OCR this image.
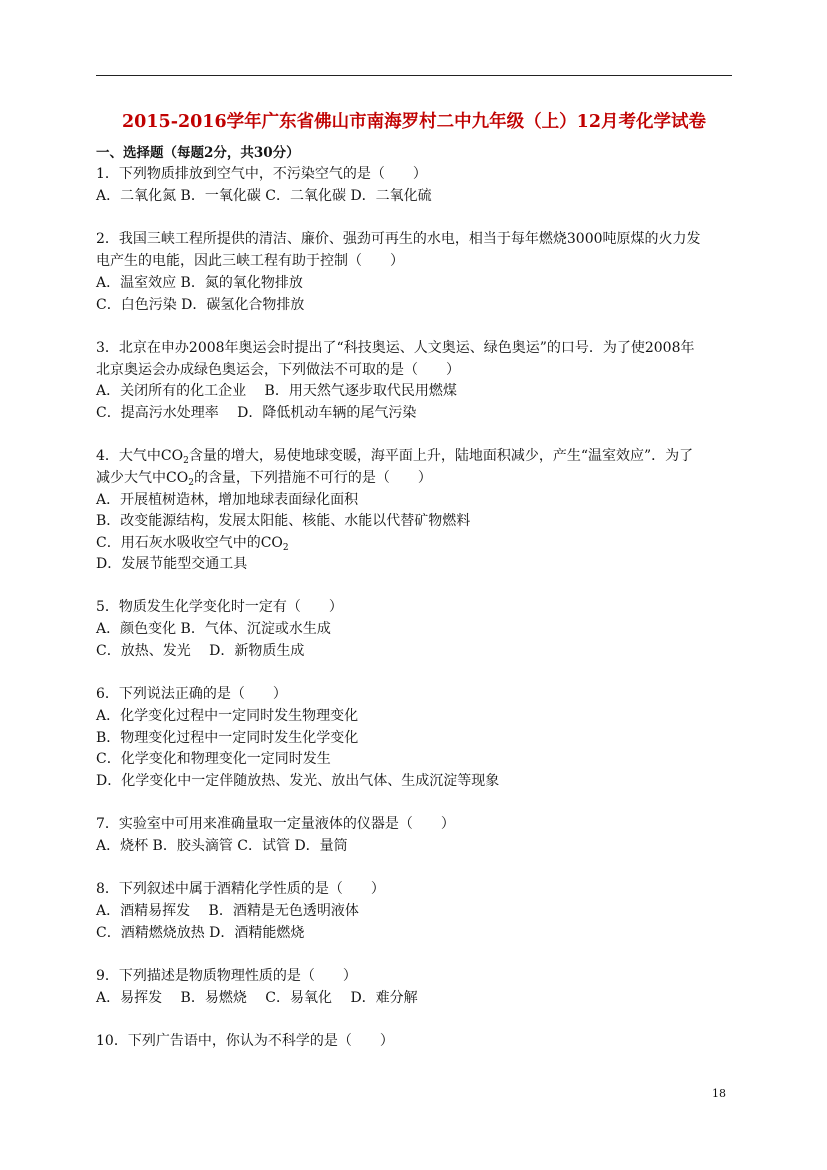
2015-2016学年广东省佛山市南海罗村二中九年级（上）12月考化学试卷
一、选择题（每题2分，共30分）
1．下列物质排放到空气中，不污染空气的是（　　）
A．二氧化氮 B．一氧化碳 C．二氧化碳 D．二氧化硫
2．我国三峡工程所提供的清洁、廉价、强劲可再生的水电，相当于每年燃烧3000吨原煤的火力发
电产生的电能，因此三峡工程有助于控制（　　）
A．温室效应 B．氮的氧化物排放
C．白色污染 D．碳氢化合物排放
3．北京在申办2008年奥运会时提出了“科技奥运、人文奥运、绿色奥运”的口号．为了使2008年
北京奥运会办成绿色奥运会，下列做法不可取的是（　　）
A．关闭所有的化工企业　 B．用天然气逐步取代民用燃煤
C．提高污水处理率　 D．降低机动车辆的尾气污染
4．大气中$CO_2$含量的增大，易使地球变暖，海平面上升，陆地面积减少，产生“温室效应”．为了
减少大气中$CO_2$的含量，下列措施不可行的是（　　）
A．开展植树造林，增加地球表面绿化面积
B．改变能源结构，发展太阳能、核能、水能以代替矿物燃料
C．用石灰水吸收空气中的$CO_2$
D．发展节能型交通工具
5．物质发生化学变化时一定有（　　）
A．颜色变化 B．气体、沉淀或水生成
C．放热、发光　 D．新物质生成
6．下列说法正确的是（　　）
A．化学变化过程中一定同时发生物理变化
B．物理变化过程中一定同时发生化学变化
C．化学变化和物理变化一定同时发生
D．化学变化中一定伴随放热、发光、放出气体、生成沉淀等现象
7．实验室中可用来准确量取一定量液体的仪器是（　　）
A．烧杯 B．胶头滴管 C．试管 D．量筒
8．下列叙述中属于酒精化学性质的是（　　）
A．酒精易挥发　 B．酒精是无色透明液体
C．酒精燃烧放热 D．酒精能燃烧
9．下列描述是物质物理性质的是（　　）
A．易挥发　 B．易燃烧　 C．易氧化　 D．难分解
10．下列广告语中，你认为不科学的是（　　）
18
